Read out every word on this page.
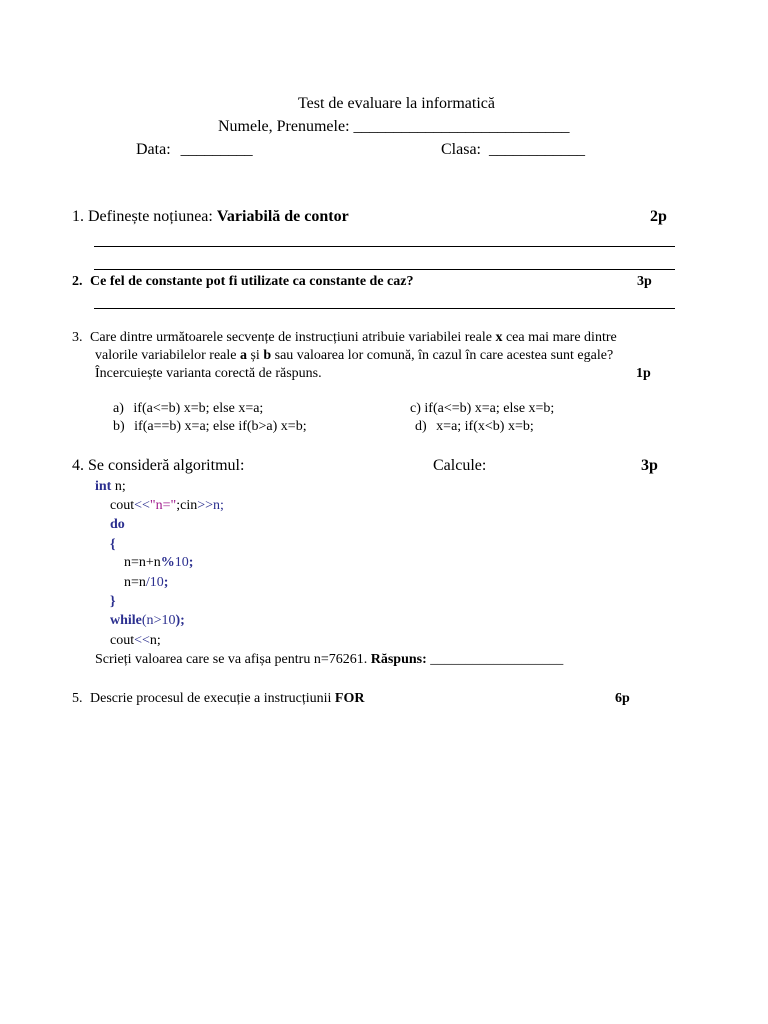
Test de evaluare la informatică
Numele, Prenumele: ___________________________
Data: _________	Clasa: ____________
1. Definește noțiunea: Variabilă de contor	2p
2. Ce fel de constante pot fi utilizate ca constante de caz?	3p
3. Care dintre următoarele secvențe de instrucțiuni atribuie variabilei reale x cea mai mare dintre
valorile variabilelor reale a și b sau valoarea lor comună, în cazul în care acestea sunt egale?
Încercuiește varianta corectă de răspuns.	1p
a) if(a<=b) x=b; else x=a;
b) if(a==b) x=a; else if(b>a) x=b;
c) if(a<=b) x=a; else x=b;
d) x=a; if(x<b) x=b;
4. Se consideră algoritmul:	Calcule:	3p
int n;
cout<<"n=";cin>>n;
do
{
n=n+n%10;
n=n/10;
}
while(n>10);
cout<<n;
Scrieți valoarea care se va afișa pentru n=76261. Răspuns: ___________________
5. Descrie procesul de execuție a instrucțiunii FOR	6p
